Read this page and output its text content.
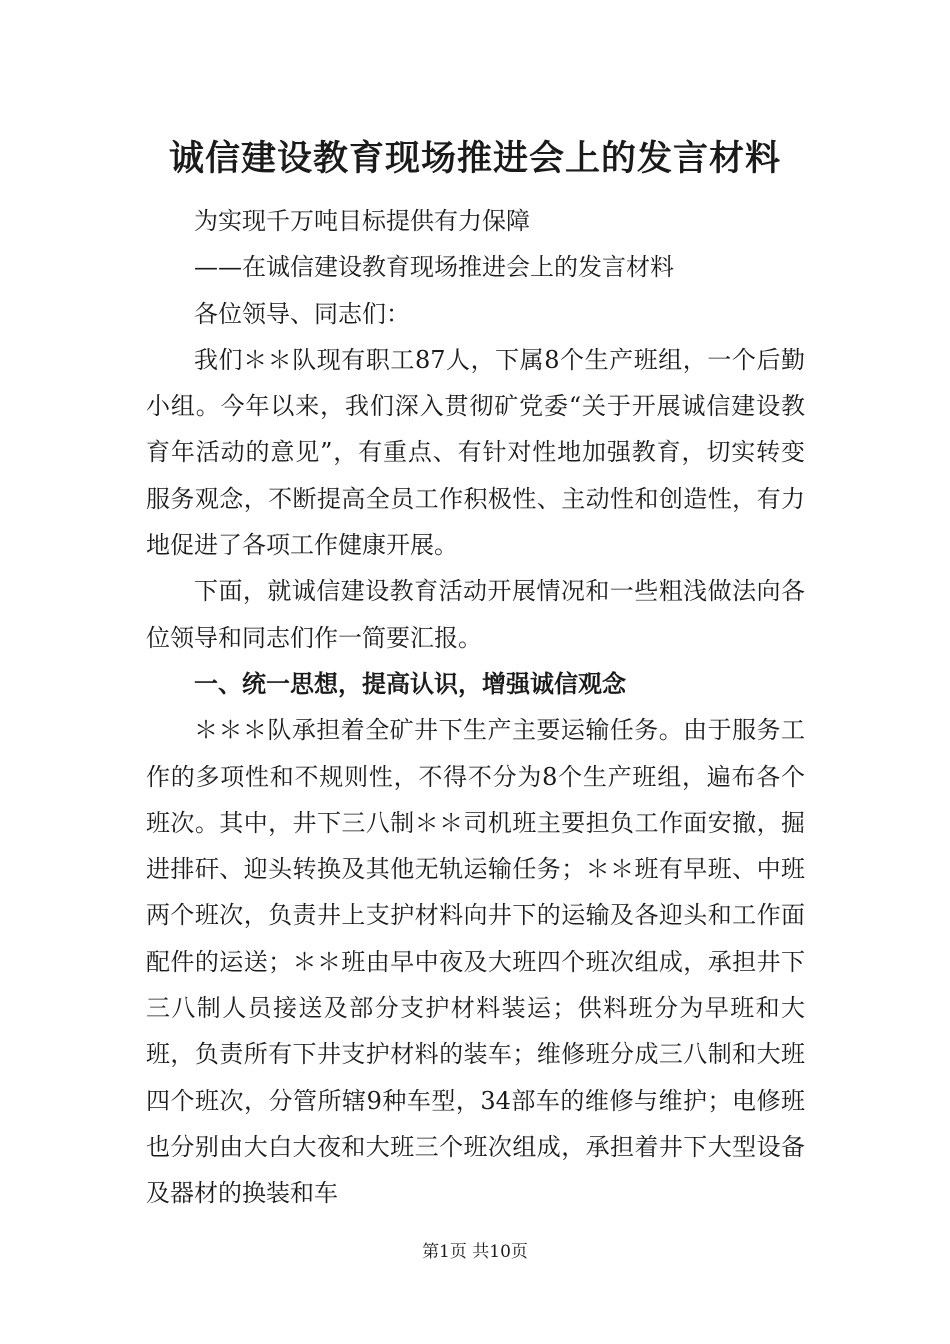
诚信建设教育现场推进会上的发言材料

为实现千万吨目标提供有力保障

——在诚信建设教育现场推进会上的发言材料

各位领导、同志们：

我们＊＊队现有职工87人，下属8个生产班组，一个后勤小组。今年以来，我们深入贯彻矿党委“关于开展诚信建设教育年活动的意见”，有重点、有针对性地加强教育，切实转变服务观念，不断提高全员工作积极性、主动性和创造性，有力地促进了各项工作健康开展。

下面，就诚信建设教育活动开展情况和一些粗浅做法向各位领导和同志们作一简要汇报。

一、统一思想，提高认识，增强诚信观念

＊＊＊队承担着全矿井下生产主要运输任务。由于服务工作的多项性和不规则性，不得不分为8个生产班组，遍布各个班次。其中，井下三八制＊＊司机班主要担负工作面安撤，掘进排矸、迎头转换及其他无轨运输任务；＊＊班有早班、中班两个班次，负责井上支护材料向井下的运输及各迎头和工作面配件的运送；＊＊班由早中夜及大班四个班次组成，承担井下三八制人员接送及部分支护材料装运；供料班分为早班和大班，负责所有下井支护材料的装车；维修班分成三八制和大班四个班次，分管所辖9种车型，34部车的维修与维护；电修班也分别由大白大夜和大班三个班次组成，承担着井下大型设备及器材的换装和车

第1页 共10页
